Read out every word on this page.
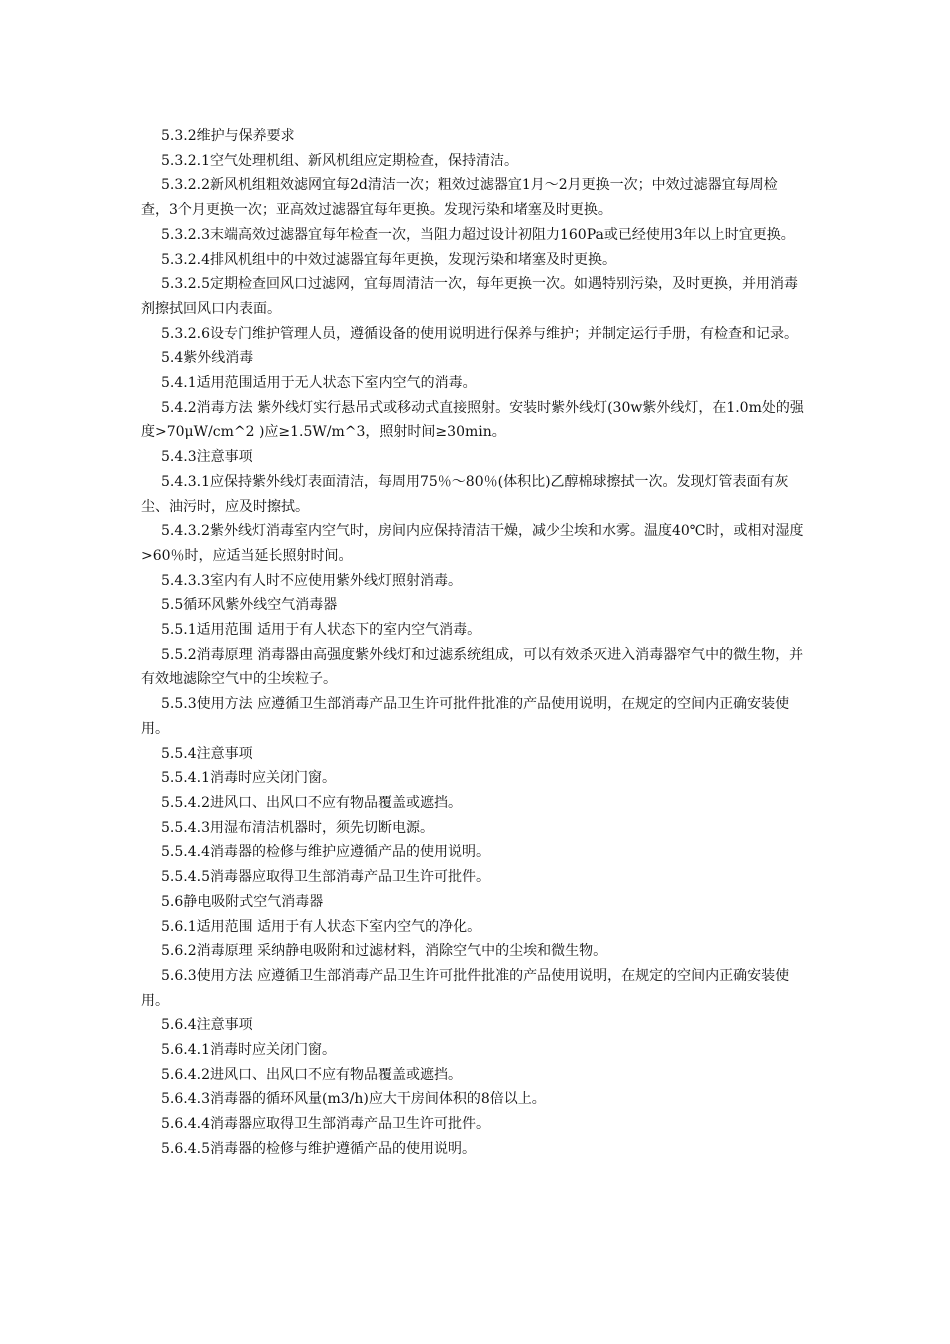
5.3.2维护与保养要求

5.3.2.1空气处理机组、新风机组应定期检查，保持清洁。

5.3.2.2新风机组粗效滤网宜每2d清洁一次；粗效过滤器宜1月～2月更换一次；中效过滤器宜每周检查，3个月更换一次；亚高效过滤器宜每年更换。发现污染和堵塞及时更换。

5.3.2.3末端高效过滤器宜每年检查一次，当阻力超过设计初阻力160Pa或已经使用3年以上时宜更换。

5.3.2.4排风机组中的中效过滤器宜每年更换，发现污染和堵塞及时更换。

5.3.2.5定期检查回风口过滤网，宜每周清洁一次，每年更换一次。如遇特别污染，及时更换，并用消毒剂擦拭回风口内表面。

5.3.2.6设专门维护管理人员，遵循设备的使用说明进行保养与维护；并制定运行手册，有检查和记录。

5.4紫外线消毒

5.4.1适用范围适用于无人状态下室内空气的消毒。

5.4.2消毒方法 紫外线灯实行悬吊式或移动式直接照射。安装时紫外线灯(30w紫外线灯，在1.0m处的强度>70μW/cm^2 )应≥1.5W/m^3，照射时间≥30min。

5.4.3注意事项

5.4.3.1应保持紫外线灯表面清洁，每周用75％～80％(体积比)乙醇棉球擦拭一次。发现灯管表面有灰尘、油污时，应及时擦拭。

5.4.3.2紫外线灯消毒室内空气时，房间内应保持清洁干燥，减少尘埃和水雾。温度40℃时，或相对湿度>60％时，应适当延长照射时间。

5.4.3.3室内有人时不应使用紫外线灯照射消毒。

5.5循环风紫外线空气消毒器

5.5.1适用范围 适用于有人状态下的室内空气消毒。

5.5.2消毒原理 消毒器由高强度紫外线灯和过滤系统组成，可以有效杀灭进入消毒器窄气中的微生物，并有效地滤除空气中的尘埃粒子。

5.5.3使用方法 应遵循卫生部消毒产品卫生许可批件批准的产品使用说明，在规定的空间内正确安装使用。

5.5.4注意事项

5.5.4.1消毒时应关闭门窗。

5.5.4.2进风口、出风口不应有物品覆盖或遮挡。

5.5.4.3用湿布清洁机器时，须先切断电源。

5.5.4.4消毒器的检修与维护应遵循产品的使用说明。

5.5.4.5消毒器应取得卫生部消毒产品卫生许可批件。

5.6静电吸附式空气消毒器

5.6.1适用范围 适用于有人状态下室内空气的净化。

5.6.2消毒原理 采纳静电吸附和过滤材料，消除空气中的尘埃和微生物。

5.6.3使用方法 应遵循卫生部消毒产品卫生许可批件批准的产品使用说明，在规定的空间内正确安装使用。

5.6.4注意事项

5.6.4.1消毒时应关闭门窗。

5.6.4.2进风口、出风口不应有物品覆盖或遮挡。

5.6.4.3消毒器的循环风量(m3/h)应大干房间体积的8倍以上。

5.6.4.4消毒器应取得卫生部消毒产品卫生许可批件。

5.6.4.5消毒器的检修与维护遵循产品的使用说明。
